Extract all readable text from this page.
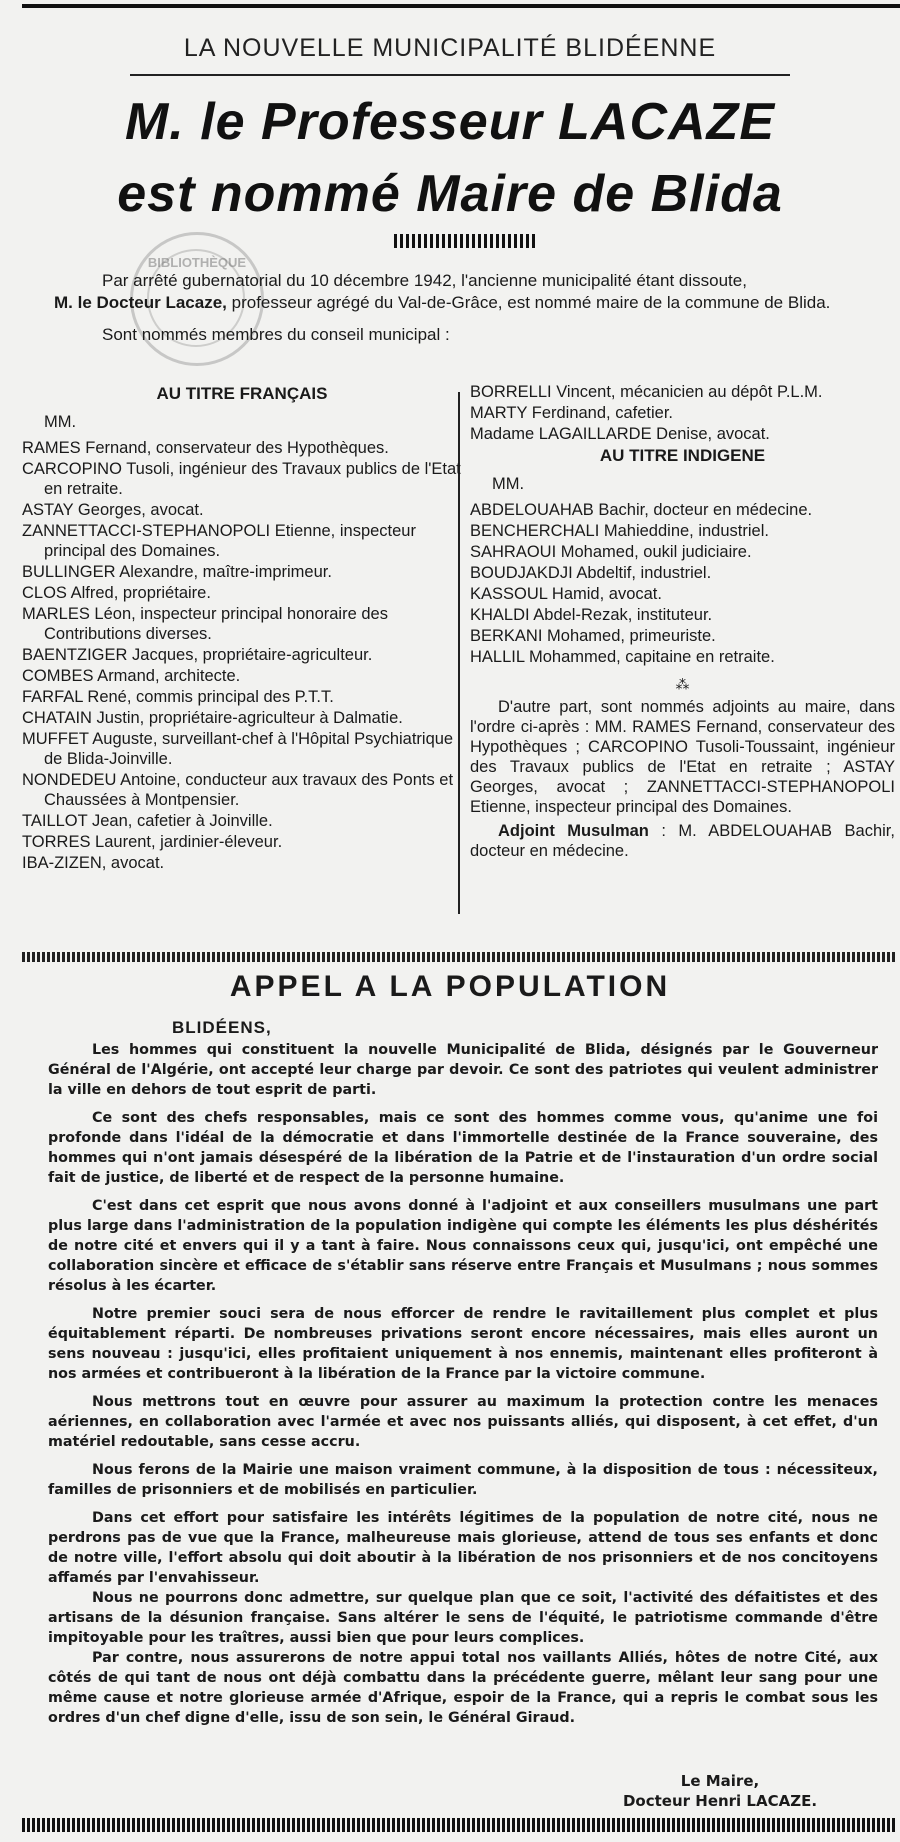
LA NOUVELLE MUNICIPALITÉ BLIDÉENNE
M. le Professeur LACAZE
est nommé Maire de Blida
BIBLIOTHÈQUE

Par arrêté gubernatorial du 10 décembre 1942, l'ancienne municipalité étant dissoute,
M. le Docteur Lacaze, professeur agrégé du Val-de-Grâce, est nommé maire de la commune de Blida.

Sont nommés membres du conseil municipal :

AU TITRE FRANÇAIS
MM.
RAMES Fernand, conservateur des Hypothèques.
CARCOPINO Tusoli, ingénieur des Travaux publics de l'Etat en retraite.
ASTAY Georges, avocat.
ZANNETTACCI-STEPHANOPOLI Etienne, inspecteur principal des Domaines.
BULLINGER Alexandre, maître-imprimeur.
CLOS Alfred, propriétaire.
MARLES Léon, inspecteur principal honoraire des Contributions diverses.
BAENTZIGER Jacques, propriétaire-agriculteur.
COMBES Armand, architecte.
FARFAL René, commis principal des P.T.T.
CHATAIN Justin, propriétaire-agriculteur à Dalmatie.
MUFFET Auguste, surveillant-chef à l'Hôpital Psychiatrique de Blida-Joinville.
NONDEDEU Antoine, conducteur aux travaux des Ponts et Chaussées à Montpensier.
TAILLOT Jean, cafetier à Joinville.
TORRES Laurent, jardinier-éleveur.
IBA-ZIZEN, avocat.
BORRELLI Vincent, mécanicien au dépôt P.L.M.
MARTY Ferdinand, cafetier.
Madame LAGAILLARDE Denise, avocat.
AU TITRE INDIGENE
MM.
ABDELOUAHAB Bachir, docteur en médecine.
BENCHERCHALI Mahieddine, industriel.
SAHRAOUI Mohamed, oukil judiciaire.
BOUDJAKDJI Abdeltif, industriel.
KASSOUL Hamid, avocat.
KHALDI Abdel-Rezak, instituteur.
BERKANI Mohamed, primeuriste.
HALLIL Mohammed, capitaine en retraite.
⁂

D'autre part, sont nommés adjoints au maire, dans l'ordre ci-après : MM. RAMES Fernand, conservateur des Hypothèques ; CARCOPINO Tusoli-Toussaint, ingénieur des Travaux publics de l'Etat en retraite ; ASTAY Georges, avocat ; ZANNETTACCI-STEPHANOPOLI Etienne, inspecteur principal des Domaines.

Adjoint Musulman : M. ABDELOUAHAB Bachir, docteur en médecine.

APPEL A LA POPULATION
BLIDÉENS,

Les hommes qui constituent la nouvelle Municipalité de Blida, désignés par le Gouverneur Général de l'Algérie, ont accepté leur charge par devoir. Ce sont des patriotes qui veulent administrer la ville en dehors de tout esprit de parti.

Ce sont des chefs responsables, mais ce sont des hommes comme vous, qu'anime une foi profonde dans l'idéal de la démocratie et dans l'immortelle destinée de la France souveraine, des hommes qui n'ont jamais désespéré de la libération de la Patrie et de l'instauration d'un ordre social fait de justice, de liberté et de respect de la personne humaine.

C'est dans cet esprit que nous avons donné à l'adjoint et aux conseillers musulmans une part plus large dans l'administration de la population indigène qui compte les éléments les plus déshérités de notre cité et envers qui il y a tant à faire. Nous connaissons ceux qui, jusqu'ici, ont empêché une collaboration sincère et efficace de s'établir sans réserve entre Français et Musulmans ; nous sommes résolus à les écarter.

Notre premier souci sera de nous efforcer de rendre le ravitaillement plus complet et plus équitablement réparti. De nombreuses privations seront encore nécessaires, mais elles auront un sens nouveau : jusqu'ici, elles profitaient uniquement à nos ennemis, maintenant elles profiteront à nos armées et contribueront à la libération de la France par la victoire commune.

Nous mettrons tout en œuvre pour assurer au maximum la protection contre les menaces aériennes, en collaboration avec l'armée et avec nos puissants alliés, qui disposent, à cet effet, d'un matériel redoutable, sans cesse accru.

Nous ferons de la Mairie une maison vraiment commune, à la disposition de tous : nécessiteux, familles de prisonniers et de mobilisés en particulier.

Dans cet effort pour satisfaire les intérêts légitimes de la population de notre cité, nous ne perdrons pas de vue que la France, malheureuse mais glorieuse, attend de tous ses enfants et donc de notre ville, l'effort absolu qui doit aboutir à la libération de nos prisonniers et de nos concitoyens affamés par l'envahisseur.

Nous ne pourrons donc admettre, sur quelque plan que ce soit, l'activité des défaitistes et des artisans de la désunion française. Sans altérer le sens de l'équité, le patriotisme commande d'être impitoyable pour les traîtres, aussi bien que pour leurs complices.

Par contre, nous assurerons de notre appui total nos vaillants Alliés, hôtes de notre Cité, aux côtés de qui tant de nous ont déjà combattu dans la précédente guerre, mêlant leur sang pour une même cause et notre glorieuse armée d'Afrique, espoir de la France, qui a repris le combat sous les ordres d'un chef digne d'elle, issu de son sein, le Général Giraud.

Le Maire,
Docteur Henri LACAZE.
